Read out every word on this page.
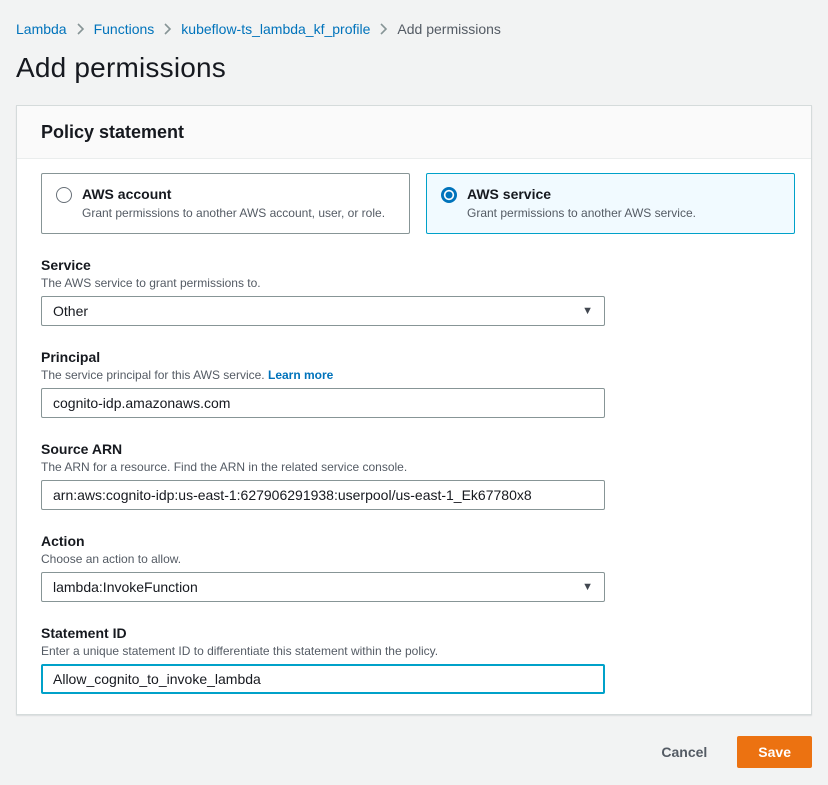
Lambda Functions kubeflow-ts_lambda_kf_profile Add permissions
Add permissions
Policy statement
AWS account
Grant permissions to another AWS account, user, or role.
AWS service
Grant permissions to another AWS service.
Service
The AWS service to grant permissions to.
Other	▼
Principal
The service principal for this AWS service. Learn more
cognito-idp.amazonaws.com
Source ARN
The ARN for a resource. Find the ARN in the related service console.
arn:aws:cognito-idp:us-east-1:627906291938:userpool/us-east-1_Ek67780x8
Action
Choose an action to allow.
lambda:InvokeFunction	▼
Statement ID
Enter a unique statement ID to differentiate this statement within the policy.
Allow_cognito_to_invoke_lambda
Cancel	Save
